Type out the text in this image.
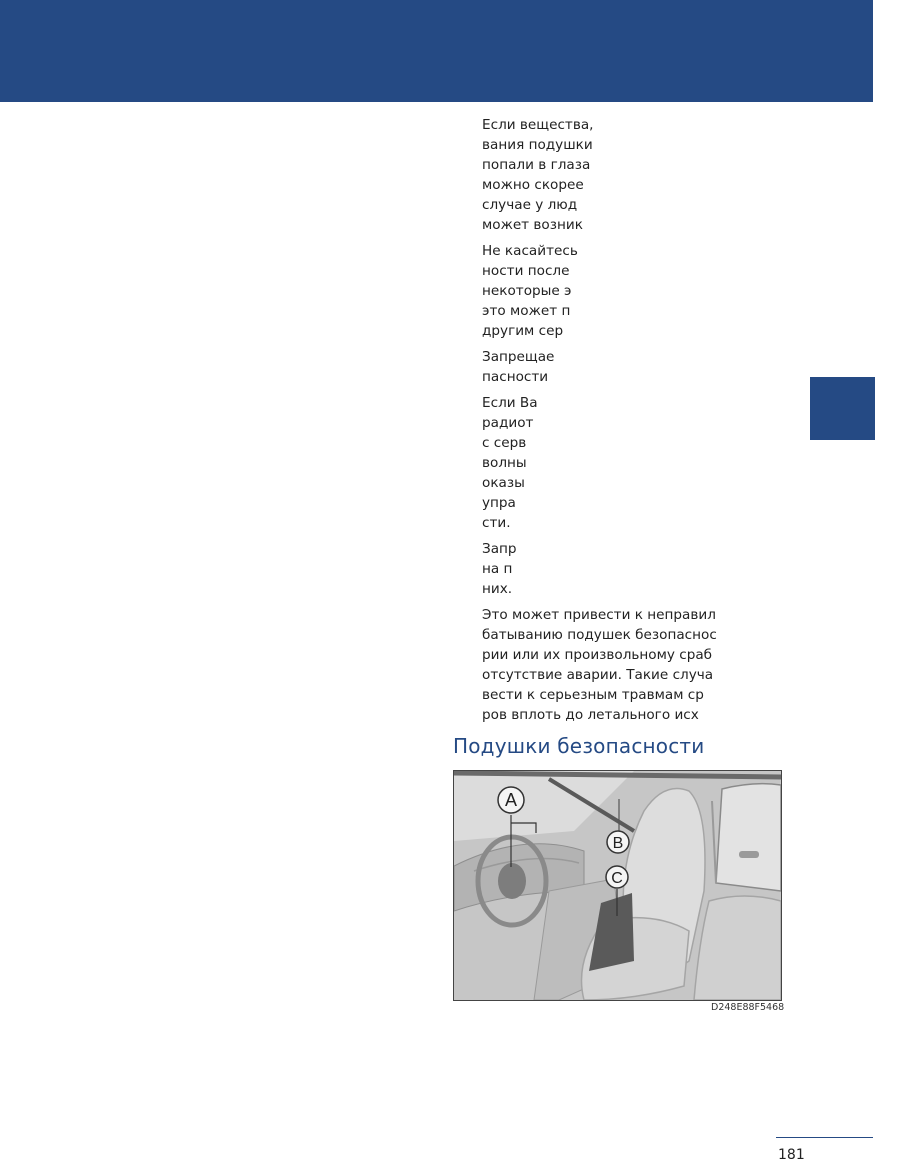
Если вещества,
вания подушки
попали в глаза
можно скорее
случае у люд
может возник
Не касайтесь
ности после
некоторые э
это может п
другим сер
Запрещае
пасности
Если Ва
радиот
с серв
волны
оказы
упра
сти.
Запр
на п
них.
Это может привести к неправил
батыванию подушек безопаснос
рии или их произвольному сраб
отсутствие аварии. Такие случа
вести к серьезным травмам ср
ров вплоть до летального исх
Подушки безопасности
A
B
C
D248E88F5468
181
